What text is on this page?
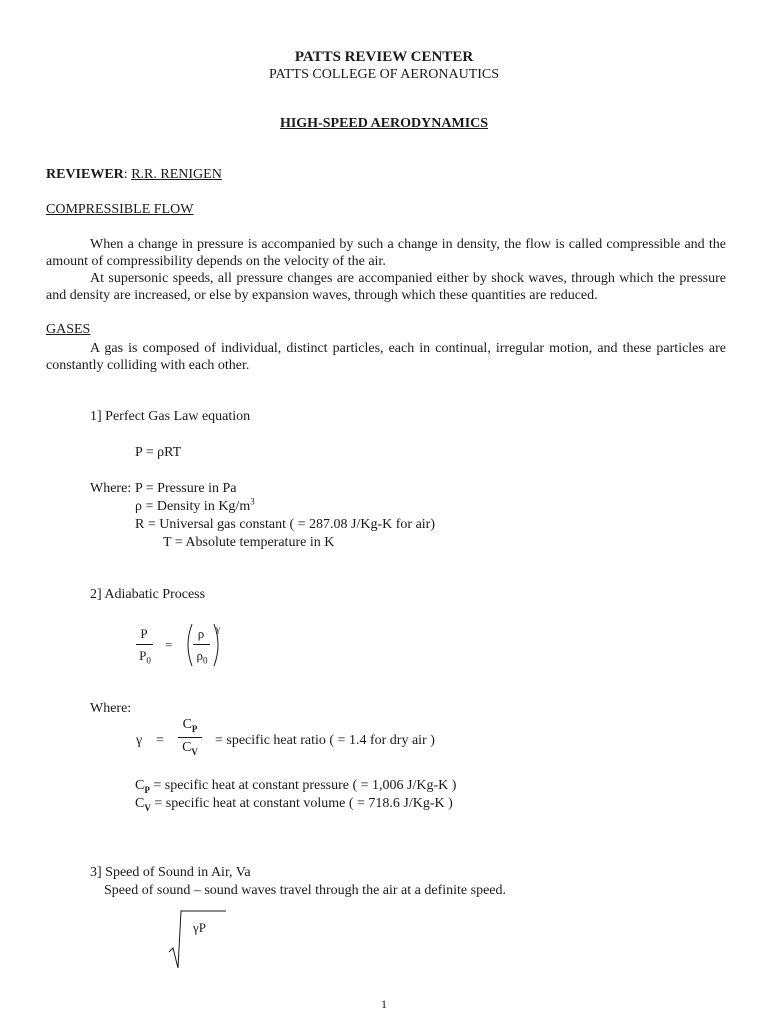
PATTS REVIEW CENTER
PATTS COLLEGE OF AERONAUTICS
HIGH-SPEED AERODYNAMICS
REVIEWER: R.R. RENIGEN
COMPRESSIBLE FLOW
When a change in pressure is accompanied by such a change in density, the flow is called compressible and the amount of compressibility depends on the velocity of the air.
At supersonic speeds, all pressure changes are accompanied either by shock waves, through which the pressure and density are increased, or else by expansion waves, through which these quantities are reduced.
GASES
A gas is composed of individual, distinct particles, each in continual, irregular motion, and these particles are constantly colliding with each other.
1] Perfect Gas Law equation
P = ρRT
Where: P = Pressure in Pa
ρ = Density in $Kg/m^3$
R = Universal gas constant ( = 287.08 J/Kg-K for air)
T = Absolute temperature in K
2] Adiabatic Process
P
$P_0$
=
ρ
$\rho_0$
γ
Where:
γ =
$C_P$
$C_V$
= specific heat ratio ( = 1.4 for dry air )
$C_P$ = specific heat at constant pressure ( = 1,006 J/Kg-K )
$C_V$ = specific heat at constant volume ( = 718.6 J/Kg-K )
3] Speed of Sound in Air, Va
Speed of sound – sound waves travel through the air at a definite speed.
γP
1
